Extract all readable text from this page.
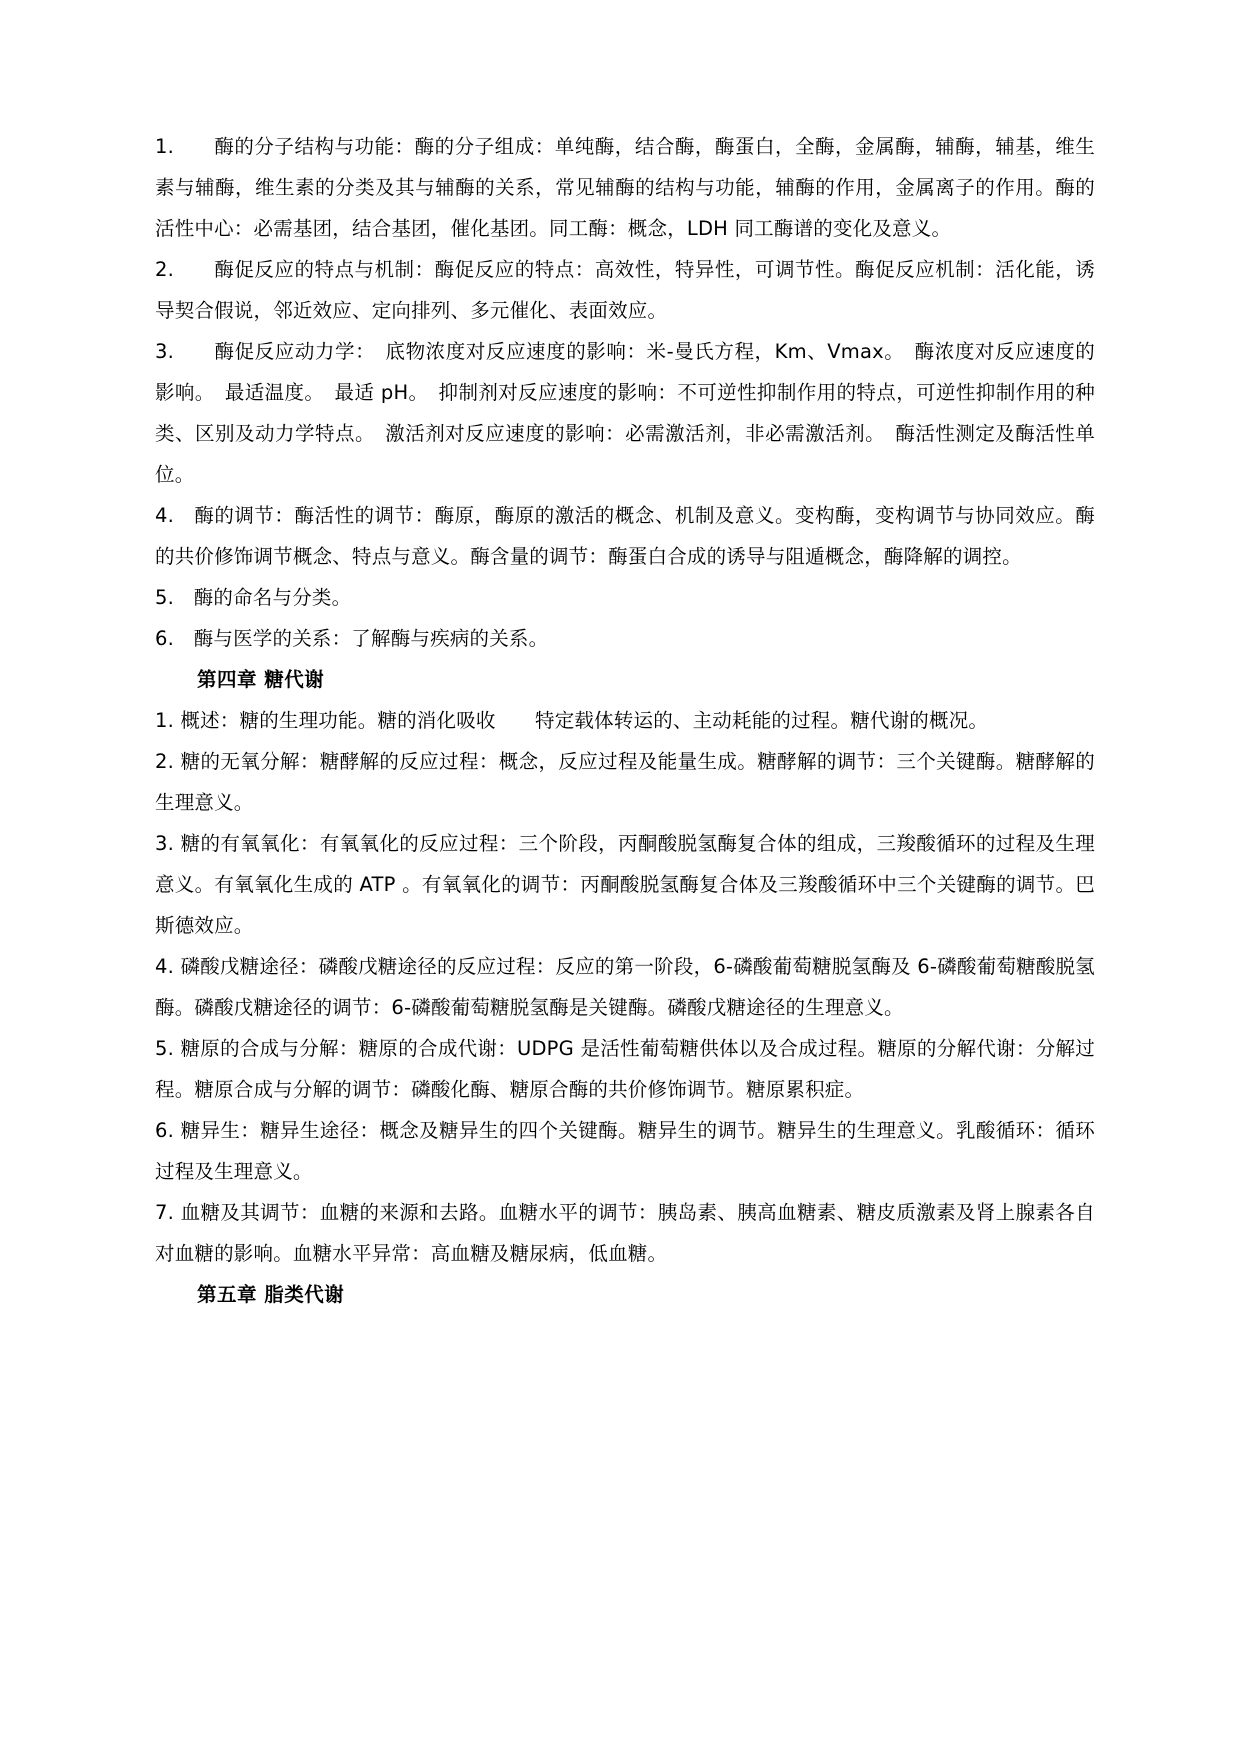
1.　　酶的分子结构与功能：酶的分子组成：单纯酶，结合酶，酶蛋白，全酶，金属酶，辅酶，辅基，维生素与辅酶，维生素的分类及其与辅酶的关系，常见辅酶的结构与功能，辅酶的作用，金属离子的作用。酶的活性中心：必需基团，结合基团，催化基团。同工酶：概念，LDH 同工酶谱的变化及意义。

2.　　酶促反应的特点与机制：酶促反应的特点：高效性，特异性，可调节性。酶促反应机制：活化能，诱导契合假说，邻近效应、定向排列、多元催化、表面效应。

3.　　酶促反应动力学：　底物浓度对反应速度的影响：米-曼氏方程，Km、Vmax。　酶浓度对反应速度的影响。　最适温度。　最适 pH。　抑制剂对反应速度的影响：不可逆性抑制作用的特点，可逆性抑制作用的种类、区别及动力学特点。　激活剂对反应速度的影响：必需激活剂，非必需激活剂。　酶活性测定及酶活性单位。

4.　酶的调节：酶活性的调节：酶原，酶原的激活的概念、机制及意义。变构酶，变构调节与协同效应。酶的共价修饰调节概念、特点与意义。酶含量的调节：酶蛋白合成的诱导与阻遁概念，酶降解的调控。

5.　酶的命名与分类。

6.　酶与医学的关系：了解酶与疾病的关系。

第四章 糖代谢

1. 概述：糖的生理功能。糖的消化吸收　　特定载体转运的、主动耗能的过程。糖代谢的概况。

2. 糖的无氧分解：糖酵解的反应过程：概念，反应过程及能量生成。糖酵解的调节：三个关键酶。糖酵解的生理意义。

3. 糖的有氧氧化：有氧氧化的反应过程：三个阶段，丙酮酸脱氢酶复合体的组成，三羧酸循环的过程及生理意义。有氧氧化生成的 ATP 。有氧氧化的调节：丙酮酸脱氢酶复合体及三羧酸循环中三个关键酶的调节。巴斯德效应。

4. 磷酸戊糖途径：磷酸戊糖途径的反应过程：反应的第一阶段，6-磷酸葡萄糖脱氢酶及 6-磷酸葡萄糖酸脱氢酶。磷酸戊糖途径的调节：6-磷酸葡萄糖脱氢酶是关键酶。磷酸戊糖途径的生理意义。

5. 糖原的合成与分解：糖原的合成代谢：UDPG 是活性葡萄糖供体以及合成过程。糖原的分解代谢：分解过程。糖原合成与分解的调节：磷酸化酶、糖原合酶的共价修饰调节。糖原累积症。

6. 糖异生：糖异生途径：概念及糖异生的四个关键酶。糖异生的调节。糖异生的生理意义。乳酸循环：循环过程及生理意义。

7. 血糖及其调节：血糖的来源和去路。血糖水平的调节：胰岛素、胰高血糖素、糖皮质激素及肾上腺素各自对血糖的影响。血糖水平异常：高血糖及糖尿病，低血糖。

第五章 脂类代谢
